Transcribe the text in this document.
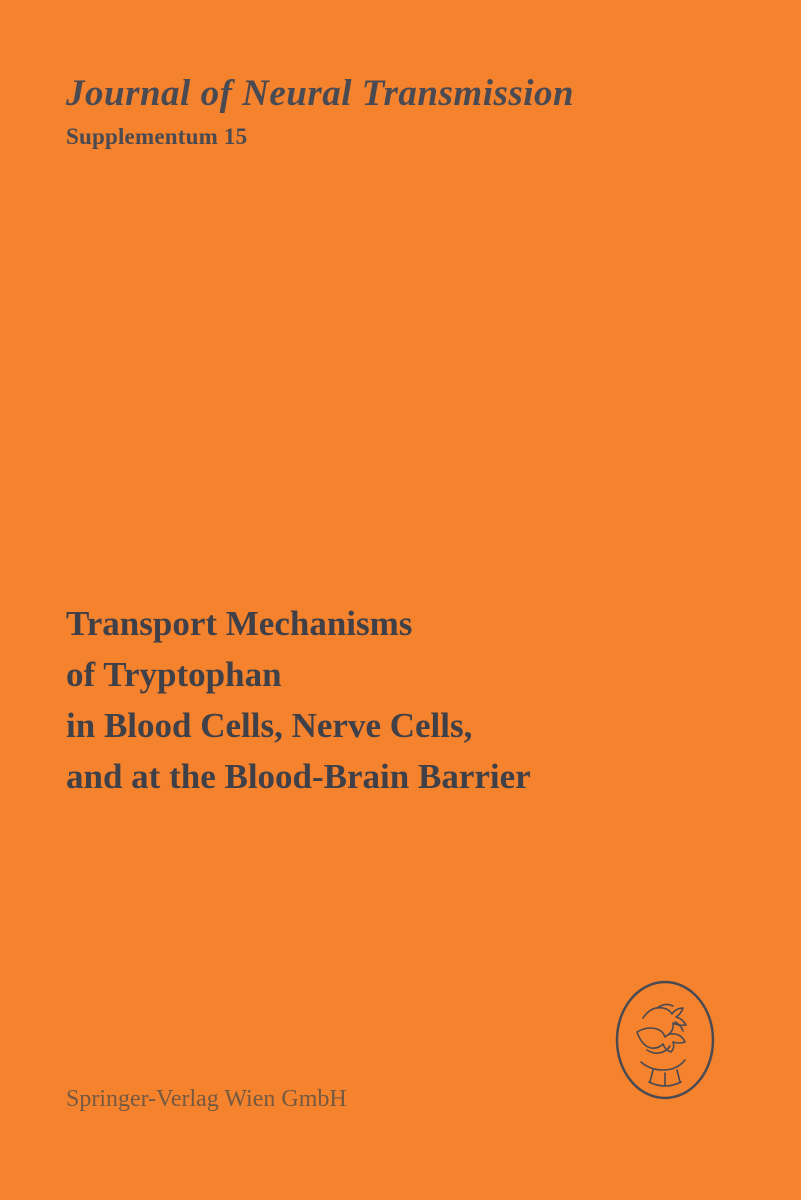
Journal of Neural Transmission
Supplementum 15
Transport Mechanisms
of Tryptophan
in Blood Cells, Nerve Cells,
and at the Blood-Brain Barrier
Springer-Verlag Wien GmbH
